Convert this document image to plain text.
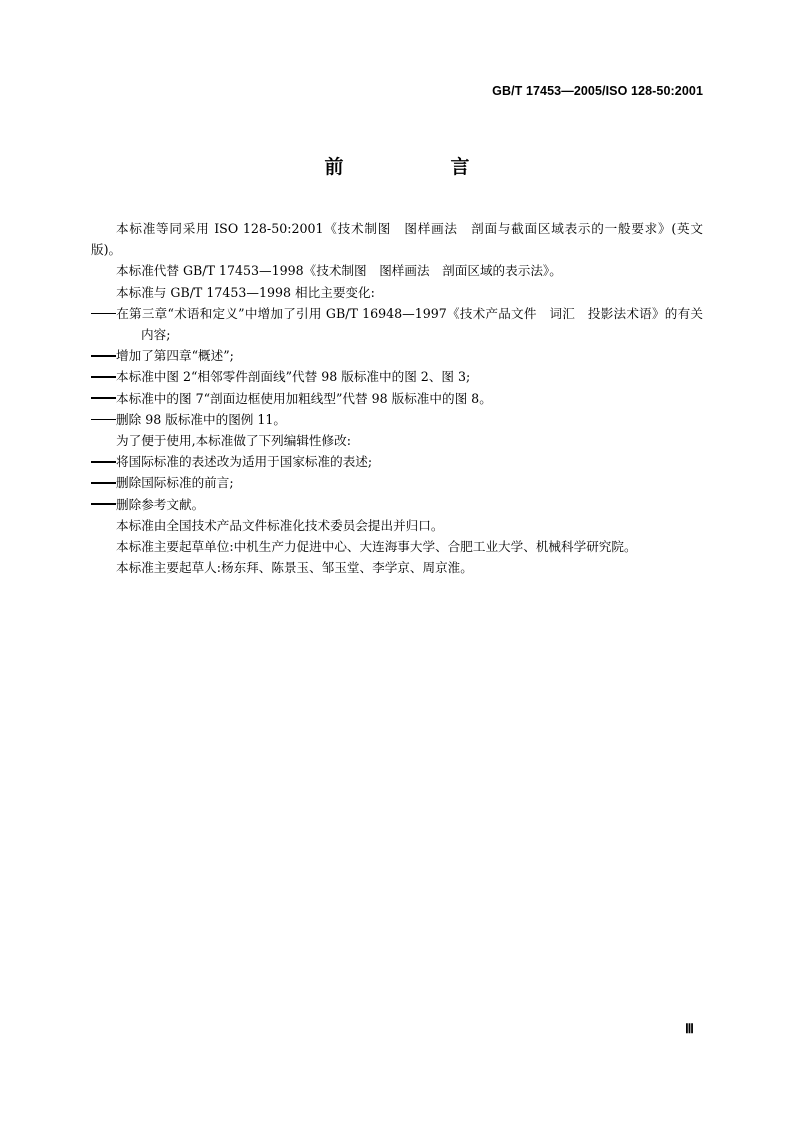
GB/T 17453—2005/ISO 128-50:2001
前　言

本标准等同采用 ISO 128-50:2001《技术制图　图样画法　剖面与截面区域表示的一般要求》(英文版)。

本标准代替 GB/T 17453—1998《技术制图　图样画法　剖面区域的表示法》。

本标准与 GB/T 17453—1998 相比主要变化:

在第三章“术语和定义”中增加了引用 GB/T 16948—1997《技术产品文件　词汇　投影法术语》的有关内容;

增加了第四章“概述”;

本标准中图 2“相邻零件剖面线”代替 98 版标准中的图 2、图 3;

本标准中的图 7“剖面边框使用加粗线型”代替 98 版标准中的图 8。

删除 98 版标准中的图例 11。

为了便于使用,本标准做了下列编辑性修改:

将国际标准的表述改为适用于国家标准的表述;

删除国际标准的前言;

删除参考文献。

本标准由全国技术产品文件标准化技术委员会提出并归口。

本标准主要起草单位:中机生产力促进中心、大连海事大学、合肥工业大学、机械科学研究院。

本标准主要起草人:杨东拜、陈景玉、邹玉堂、李学京、周京淮。

Ⅲ
